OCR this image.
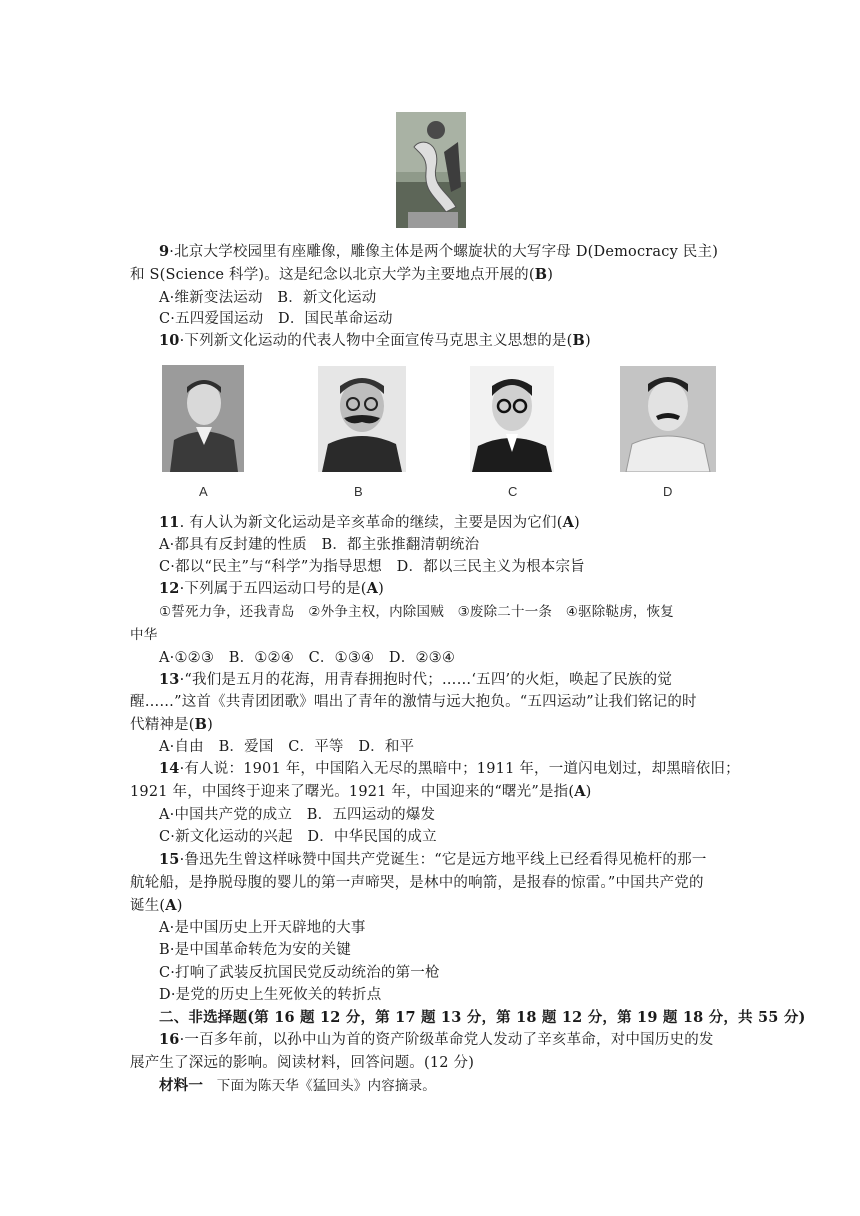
9·北京大学校园里有座雕像，雕像主体是两个螺旋状的大写字母 D(Democracy 民主)
和 S(Science 科学)。这是纪念以北京大学为主要地点开展的(B)
A·维新变法运动　B．新文化运动
C·五四爱国运动　D．国民革命运动
10·下列新文化运动的代表人物中全面宣传马克思主义思想的是(B)
A	B	C	D
11. 有人认为新文化运动是辛亥革命的继续，主要是因为它们(A)
A·都具有反封建的性质　B．都主张推翻清朝统治
C·都以“民主”与“科学”为指导思想　D．都以三民主义为根本宗旨
12·下列属于五四运动口号的是(A)
①誓死力争，还我青岛　②外争主权，内除国贼　③废除二十一条　④驱除鞑虏，恢复
中华
A·①②③　B．①②④　C．①③④　D．②③④
13·“我们是五月的花海，用青春拥抱时代；……‘五四’的火炬，唤起了民族的觉
醒……”这首《共青团团歌》唱出了青年的激情与远大抱负。“五四运动”让我们铭记的时
代精神是(B)
A·自由　B．爱国　C．平等　D．和平
14·有人说：1901 年，中国陷入无尽的黑暗中；1911 年，一道闪电划过，却黑暗依旧；
1921 年，中国终于迎来了曙光。1921 年，中国迎来的“曙光”是指(A)
A·中国共产党的成立　B．五四运动的爆发
C·新文化运动的兴起　D．中华民国的成立
15·鲁迅先生曾这样咏赞中国共产党诞生：“它是远方地平线上已经看得见桅杆的那一
航轮船，是挣脱母腹的婴儿的第一声啼哭，是林中的响箭，是报春的惊雷。”中国共产党的
诞生(A)
A·是中国历史上开天辟地的大事
B·是中国革命转危为安的关键
C·打响了武装反抗国民党反动统治的第一枪
D·是党的历史上生死攸关的转折点
二、非选择题(第 16 题 12 分，第 17 题 13 分，第 18 题 12 分，第 19 题 18 分，共 55 分)
16·一百多年前，以孙中山为首的资产阶级革命党人发动了辛亥革命，对中国历史的发
展产生了深远的影响。阅读材料，回答问题。(12 分)
材料一　下面为陈天华《猛回头》内容摘录。
